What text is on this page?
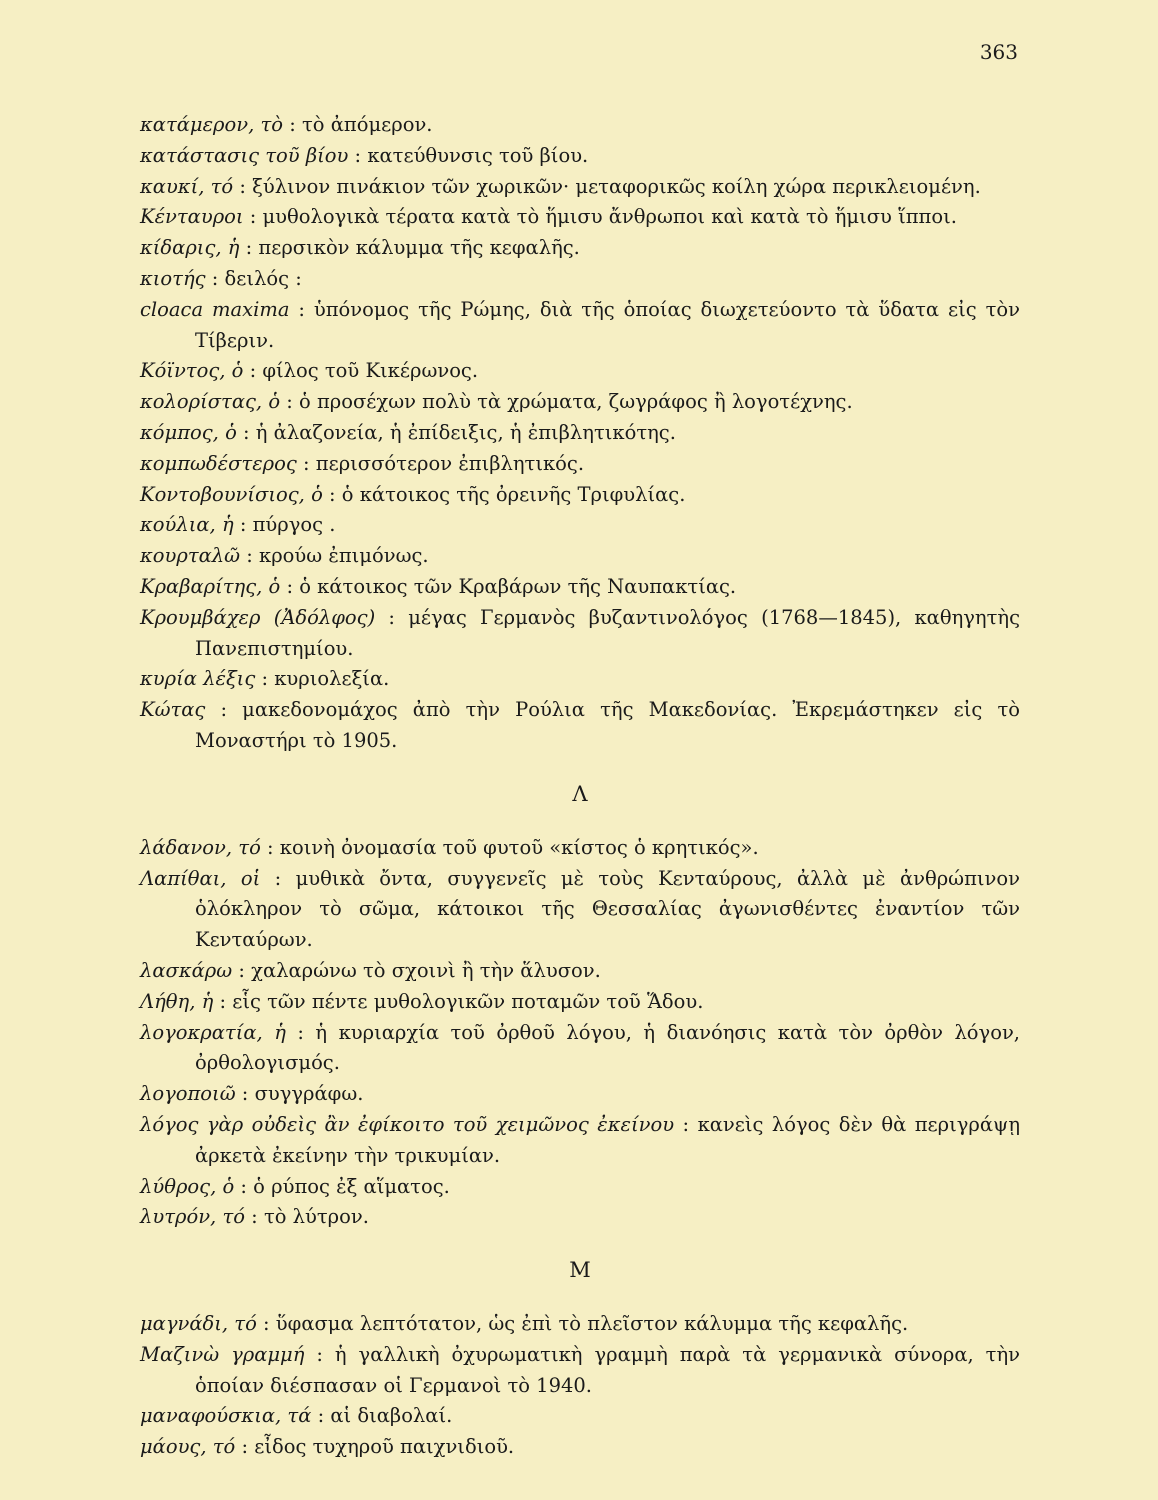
363
κατάμερον, τὸ : τὸ ἀπόμερον.
κατάστασις τοῦ βίου : κατεύθυνσις τοῦ βίου.
καυκί, τό : ξύλινον πινάκιον τῶν χωρικῶν· μεταφορικῶς κοίλη χώρα περικλειομένη.
Κένταυροι : μυθολογικὰ τέρατα κατὰ τὸ ἥμισυ ἄνθρωποι καὶ κατὰ τὸ ἥμισυ ἵπποι.
κίδαρις, ἡ : περσικὸν κάλυμμα τῆς κεφαλῆς.
κιοτής : δειλός :
cloaca maxima : ὑπόνομος τῆς Ρώμης, διὰ τῆς ὁποίας διωχετεύοντο τὰ ὕδατα εἰς τὸν Τίβεριν.
Κόϊντος, ὁ : φίλος τοῦ Κικέρωνος.
κολορίστας, ὁ : ὁ προσέχων πολὺ τὰ χρώματα, ζωγράφος ἢ λογοτέχνης.
κόμπος, ὁ : ἡ ἀλαζονεία, ἡ ἐπίδειξις, ἡ ἐπιβλητικότης.
κομπωδέστερος : περισσότερον ἐπιβλητικός.
Κοντοβουνίσιος, ὁ : ὁ κάτοικος τῆς ὀρεινῆς Τριφυλίας.
κούλια, ἡ : πύργος .
κουρταλῶ : κρούω ἐπιμόνως.
Κραβαρίτης, ὁ : ὁ κάτοικος τῶν Κραβάρων τῆς Ναυπακτίας.
Κρουμβάχερ (Ἀδόλφος) : μέγας Γερμανὸς βυζαντινολόγος (1768—1845), καθηγητὴς Πανεπιστημίου.
κυρία λέξις : κυριολεξία.
Κώτας : μακεδονομάχος ἀπὸ τὴν Ρούλια τῆς Μακεδονίας. Ἐκρεμάστηκεν εἰς τὸ Μοναστήρι τὸ 1905.
Λ
λάδανον, τό : κοινὴ ὀνομασία τοῦ φυτοῦ «κίστος ὁ κρητικός».
Λαπίθαι, οἱ : μυθικὰ ὄντα, συγγενεῖς μὲ τοὺς Κενταύρους, ἀλλὰ μὲ ἀνθρώπινον ὁλόκληρον τὸ σῶμα, κάτοικοι τῆς Θεσσαλίας ἀγωνισθέντες ἐναντίον τῶν Κενταύρων.
λασκάρω : χαλαρώνω τὸ σχοινὶ ἢ τὴν ἅλυσον.
Λήθη, ἡ : εἷς τῶν πέντε μυθολογικῶν ποταμῶν τοῦ Ἅδου.
λογοκρατία, ἡ : ἡ κυριαρχία τοῦ ὀρθοῦ λόγου, ἡ διανόησις κατὰ τὸν ὀρθὸν λόγον, ὀρθολογισμός.
λογοποιῶ : συγγράφω.
λόγος γὰρ οὐδεὶς ἂν ἐφίκοιτο τοῦ χειμῶνος ἐκείνου : κανεὶς λόγος δὲν θὰ περιγράψῃ ἀρκετὰ ἐκείνην τὴν τρικυμίαν.
λύθρος, ὁ : ὁ ρύπος ἐξ αἵματος.
λυτρόν, τό : τὸ λύτρον.
Μ
μαγνάδι, τό : ὕφασμα λεπτότατον, ὡς ἐπὶ τὸ πλεῖστον κάλυμμα τῆς κεφαλῆς.
Μαζινὼ γραμμή : ἡ γαλλικὴ ὀχυρωματικὴ γραμμὴ παρὰ τὰ γερμανικὰ σύνορα, τὴν ὁποίαν διέσπασαν οἱ Γερμανοὶ τὸ 1940.
μαναφούσκια, τά : αἱ διαβολαί.
μάους, τό : εἶδος τυχηροῦ παιχνιδιοῦ.
